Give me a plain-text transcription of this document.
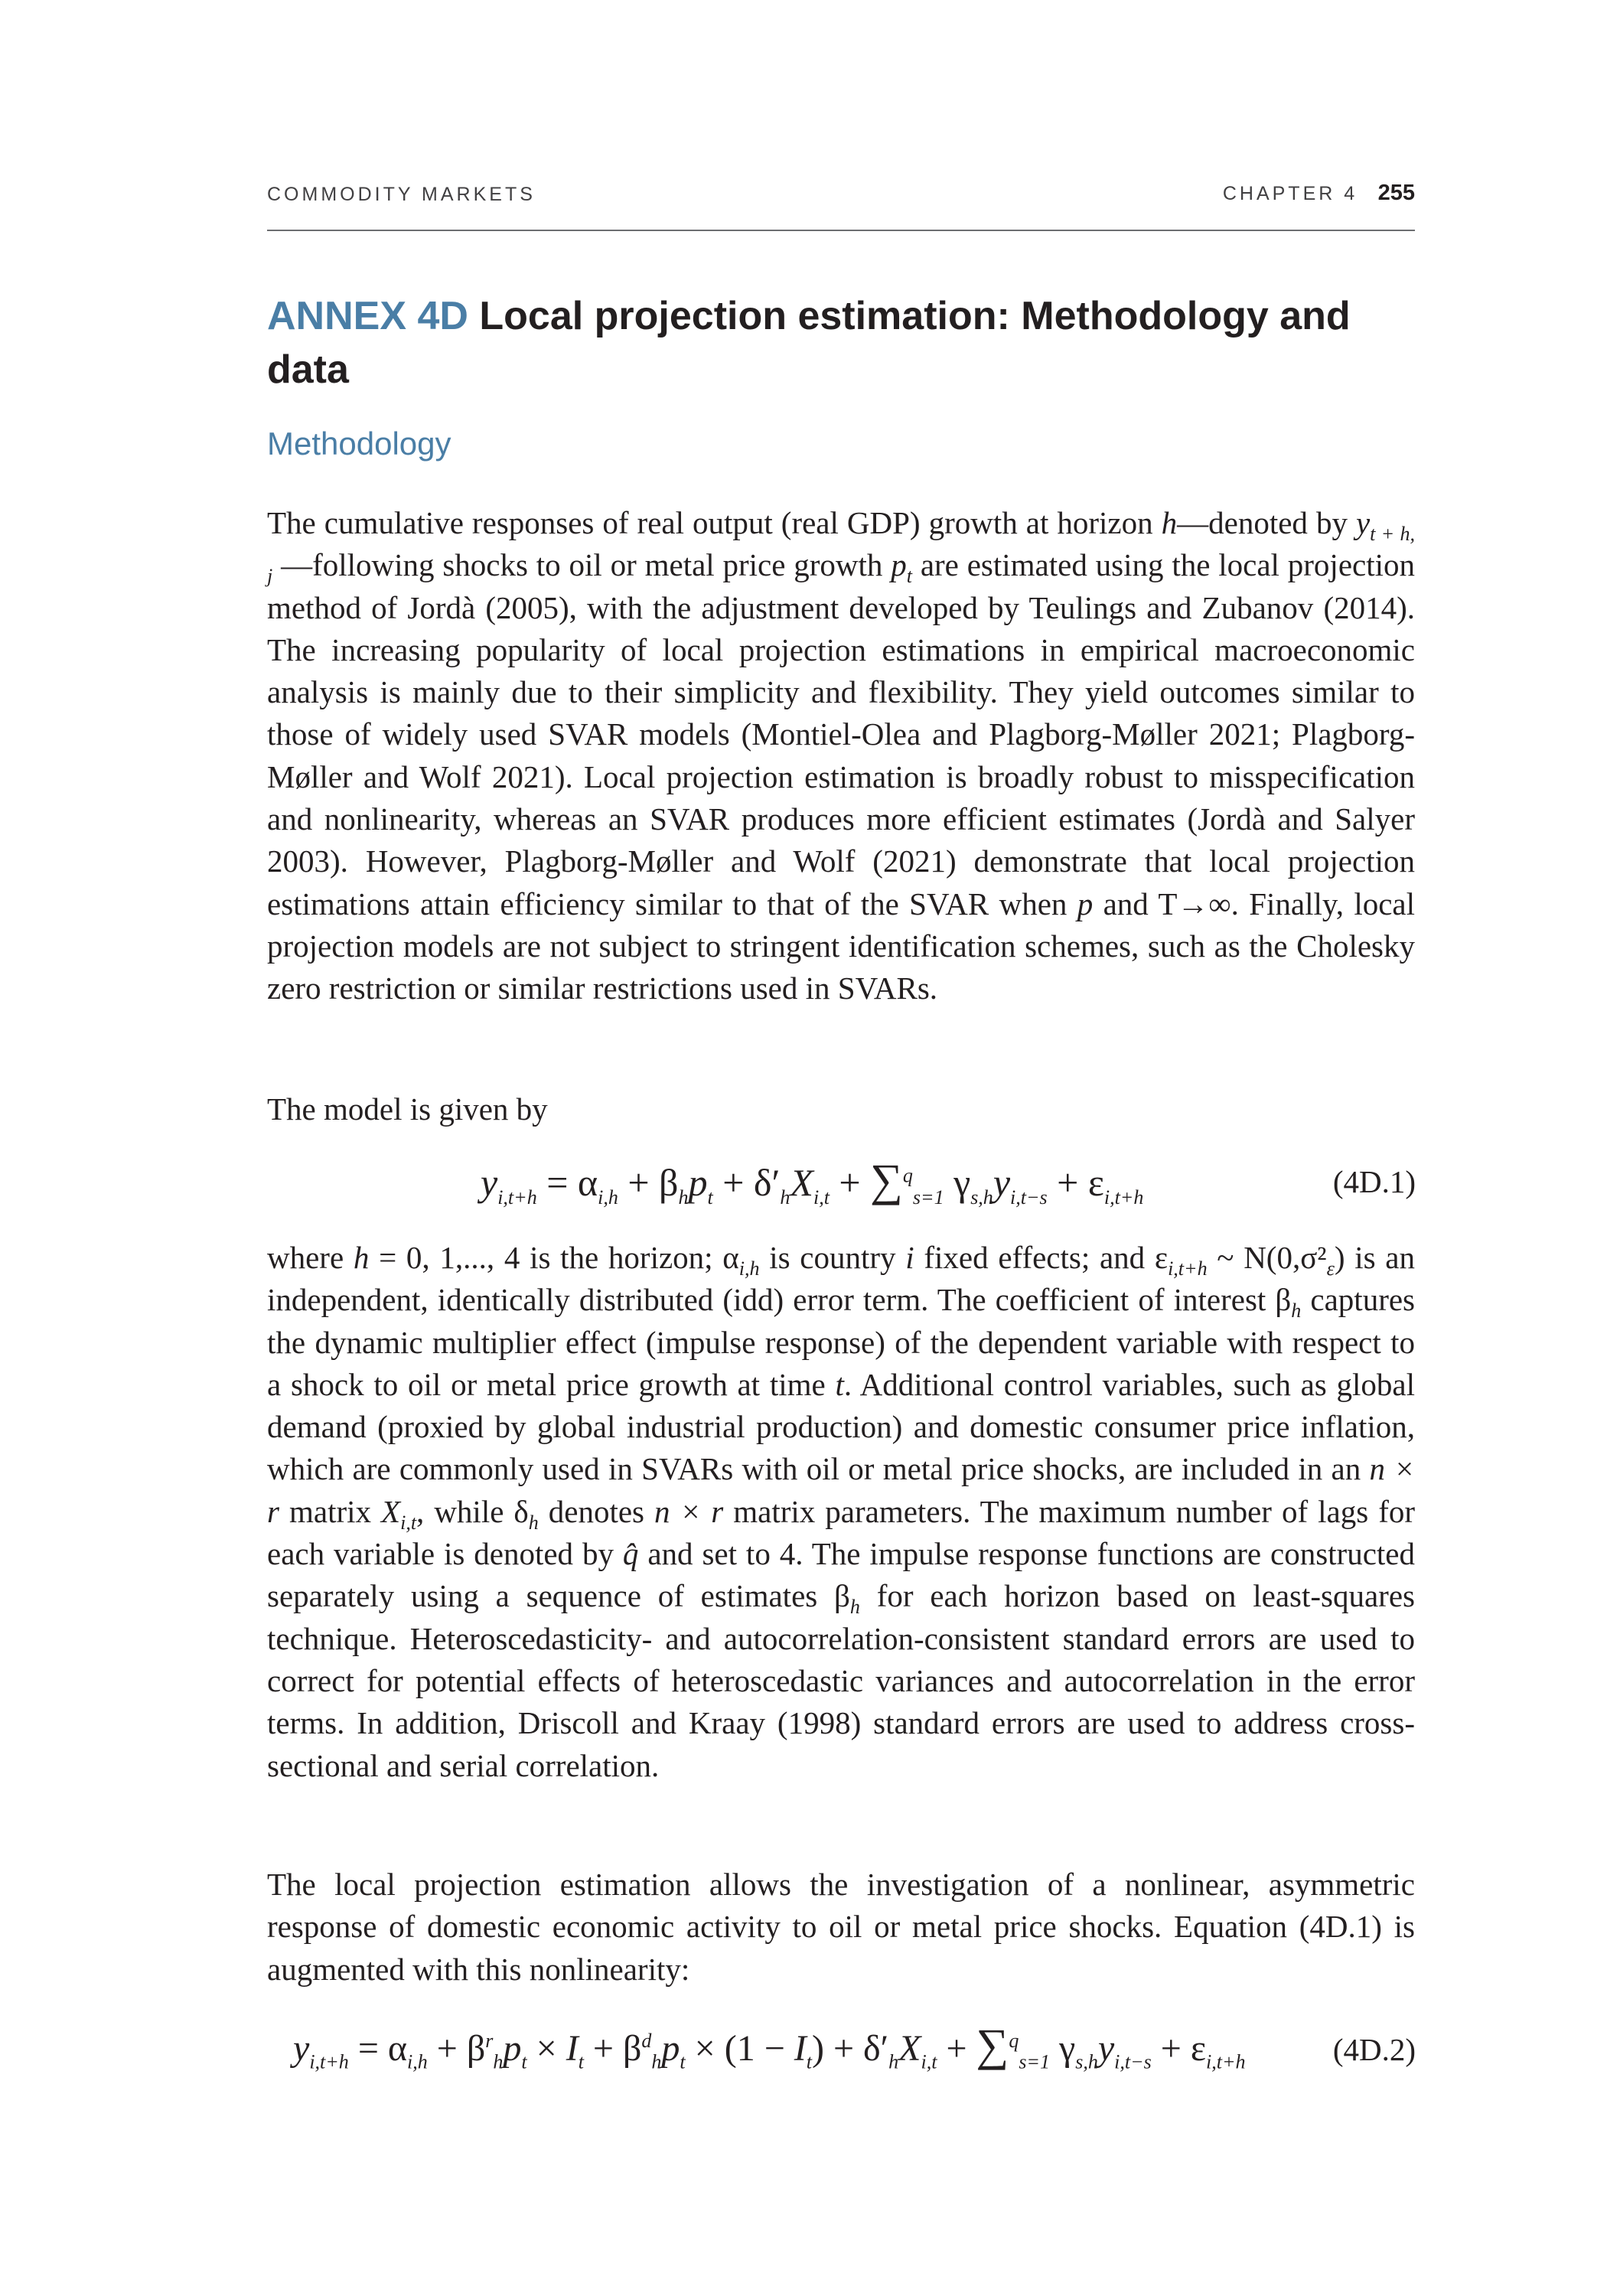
COMMODITY MARKETS	CHAPTER 4 255
ANNEX 4D Local projection estimation: Methodology and data
Methodology

The cumulative responses of real output (real GDP) growth at horizon h—denoted by $y_{t + h, j}$ —following shocks to oil or metal price growth $p_t$ are estimated using the local projection method of Jordà (2005), with the adjustment developed by Teulings and Zubanov (2014). The increasing popularity of local projection estimations in empirical macroeconomic analysis is mainly due to their simplicity and flexibility. They yield outcomes similar to those of widely used SVAR models (Montiel-Olea and Plagborg-Møller 2021; Plagborg-Møller and Wolf 2021). Local projection estimation is broadly robust to misspecification and nonlinearity, whereas an SVAR produces more efficient estimates (Jordà and Salyer 2003). However, Plagborg-Møller and Wolf (2021) demonstrate that local projection estimations attain efficiency similar to that of the SVAR when p and T→∞. Finally, local projection models are not subject to stringent identification schemes, such as the Cholesky zero restriction or similar restrictions used in SVARs.

The model is given by

$y_{i,t+h} = \alpha_{i,h} + \beta_hp_t + \delta'_hX_{i,t} + \sum^q_{s=1}$ $\gamma_{s,h}y_{i,t-s} + \varepsilon_{i,t+h}$	(4D.1)

where h = 0, 1,..., 4 is the horizon; $\alpha_{i,h}$ is country i fixed effects; and $\varepsilon_{i,t+h}$ ~ $N(0,\sigma^2_\varepsilon)$ is an independent, identically distributed (idd) error term. The coefficient of interest $\beta_h$ captures the dynamic multiplier effect (impulse response) of the dependent variable with respect to a shock to oil or metal price growth at time t. Additional control variables, such as global demand (proxied by global industrial production) and domestic consumer price inflation, which are commonly used in SVARs with oil or metal price shocks, are included in an n × r matrix $X_{i,t}$, while $\delta_h$ denotes n × r matrix parameters. The maximum number of lags for each variable is denoted by q̂ and set to 4. The impulse response functions are constructed separately using a sequence of estimates $\beta_h$ for each horizon based on least-squares technique. Heteroscedasticity- and autocorrelation-consistent standard errors are used to correct for potential effects of heteroscedastic variances and autocorrelation in the error terms. In addition, Driscoll and Kraay (1998) standard errors are used to address cross-sectional and serial correlation.

The local projection estimation allows the investigation of a nonlinear, asymmetric response of domestic economic activity to oil or metal price shocks. Equation (4D.1) is augmented with this nonlinearity:

$y_{i,t+h} = \alpha_{i,h} + \beta^r_hp_t \times I_t + \beta^d_hp_t \times (1 - I_t) + \delta'_hX_{i,t} + \sum^q_{s=1}$ $\gamma_{s,h}y_{i,t-s} + \varepsilon_{i,t+h}$	(4D.2)
